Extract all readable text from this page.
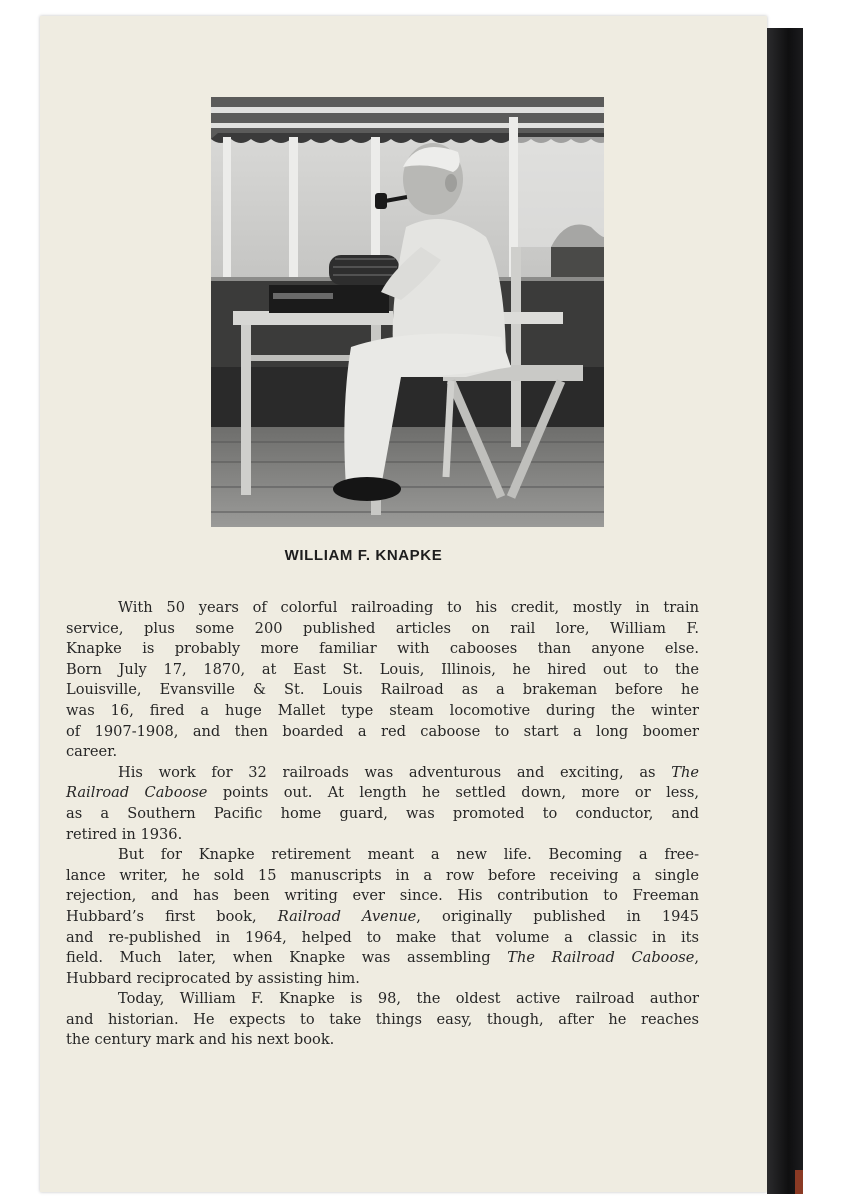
WILLIAM F. KNAPKE

With 50 years of colorful railroading to his credit, mostly in train
service, plus some 200 published articles on rail lore, William F.
Knapke is probably more familiar with cabooses than anyone else.
Born July 17, 1870, at East St. Louis, Illinois, he hired out to the
Louisville, Evansville & St. Louis Railroad as a brakeman before he
was 16, fired a huge Mallet type steam locomotive during the winter
of 1907-1908, and then boarded a red caboose to start a long boomer
career.

His work for 32 railroads was adventurous and exciting, as The
Railroad Caboose points out. At length he settled down, more or less,
as a Southern Pacific home guard, was promoted to conductor, and
retired in 1936.

But for Knapke retirement meant a new life. Becoming a free-
lance writer, he sold 15 manuscripts in a row before receiving a single
rejection, and has been writing ever since. His contribution to Freeman
Hubbard’s first book, Railroad Avenue, originally published in 1945
and re-published in 1964, helped to make that volume a classic in its
field. Much later, when Knapke was assembling The Railroad Caboose,
Hubbard reciprocated by assisting him.

Today, William F. Knapke is 98, the oldest active railroad author
and historian. He expects to take things easy, though, after he reaches
the century mark and his next book.
